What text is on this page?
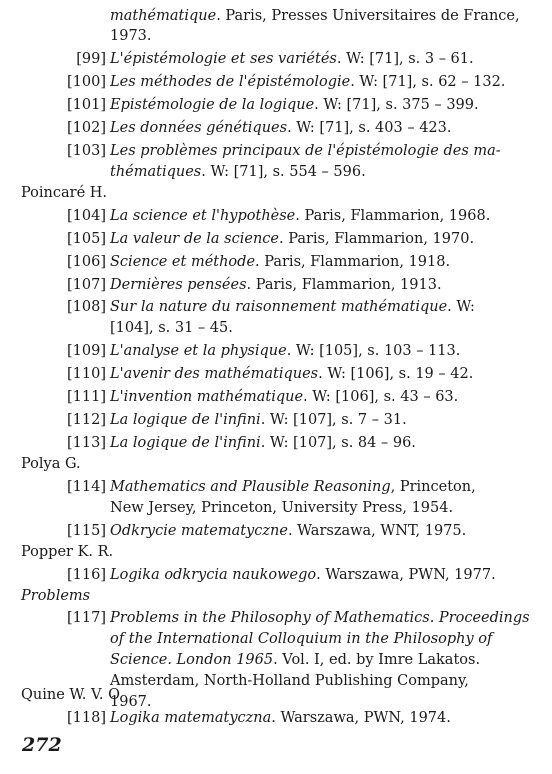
mathématique. Paris, Presses Universitaires de France,
1973.
[99] L'épistémologie et ses variétés. W: [71], s. 3 – 61.
[100] Les méthodes de l'épistémologie. W: [71], s. 62 – 132.
[101] Epistémologie de la logique. W: [71], s. 375 – 399.
[102] Les données génétiques. W: [71], s. 403 – 423.
[103] Les problèmes principaux de l'épistémologie des ma-
thématiques. W: [71], s. 554 – 596.
Poincaré H.
[104] La science et l'hypothèse. Paris, Flammarion, 1968.
[105] La valeur de la science. Paris, Flammarion, 1970.
[106] Science et méthode. Paris, Flammarion, 1918.
[107] Dernières pensées. Paris, Flammarion, 1913.
[108] Sur la nature du raisonnement mathématique. W:
[104], s. 31 – 45.
[109] L'analyse et la physique. W: [105], s. 103 – 113.
[110] L'avenir des mathématiques. W: [106], s. 19 – 42.
[111] L'invention mathématique. W: [106], s. 43 – 63.
[112] La logique de l'infini. W: [107], s. 7 – 31.
[113] La logique de l'infini. W: [107], s. 84 – 96.
Polya G.
[114] Mathematics and Plausible Reasoning, Princeton,
New Jersey, Princeton, University Press, 1954.
[115] Odkrycie matematyczne. Warszawa, WNT, 1975.
Popper K. R.
[116] Logika odkrycia naukowego. Warszawa, PWN, 1977.
Problems
[117] Problems in the Philosophy of Mathematics. Proceedings
of the International Colloquium in the Philosophy of
Science. London 1965. Vol. I, ed. by Imre Lakatos.
Amsterdam, North-Holland Publishing Company,
1967.
Quine W. V. O
[118] Logika matematyczna. Warszawa, PWN, 1974.
272
